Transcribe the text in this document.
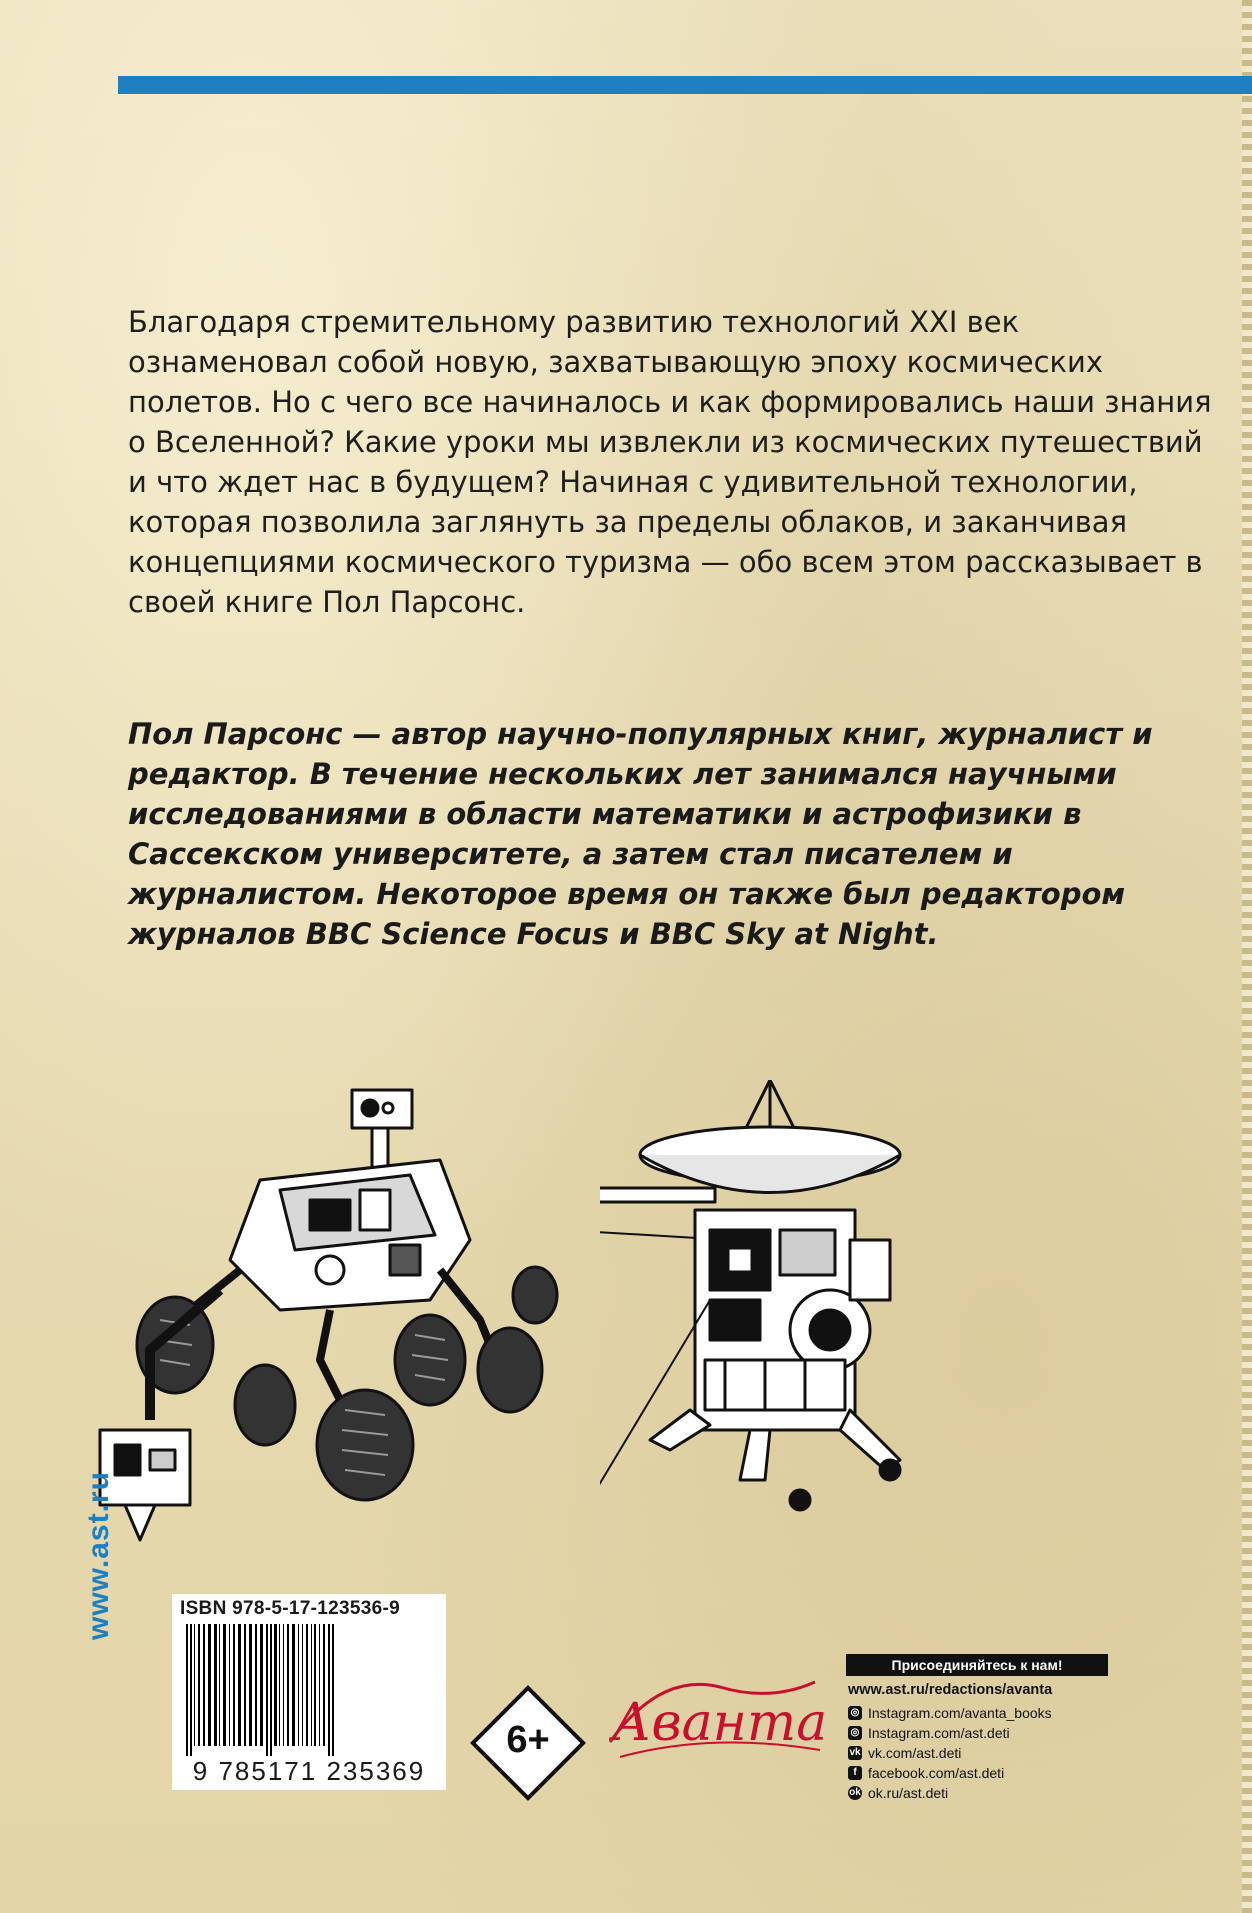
Благодаря стремительному развитию технологий XXI век ознаменовал собой новую, захватывающую эпоху космических полетов. Но с чего все начиналось и как формировались наши знания о Вселенной? Какие уроки мы извлекли из космических путешествий и что ждет нас в будущем? Начиная с удивительной технологии, которая позволила заглянуть за пределы облаков, и заканчивая концепциями космического туризма — обо всем этом рассказывает в своей книге Пол Парсонс.

Пол Парсонс — автор научно-популярных книг, журналист и редактор. В течение нескольких лет занимался научными исследованиями в области математики и астрофизики в Сассекском университете, а затем стал писателем и журналистом. Некоторое время он также был редактором журналов BBC Science Focus и BBC Sky at Night.

www.ast.ru	ISBN 978-5-17-123536-9
9 785171 235369
6+	Аванта
Присоединяйтесь к нам!
www.ast.ru/redactions/avanta
◎ Instagram.com/avanta_books
◎ Instagram.com/ast.deti
vk vk.com/ast.deti
f facebook.com/ast.deti
ok ok.ru/ast.deti
